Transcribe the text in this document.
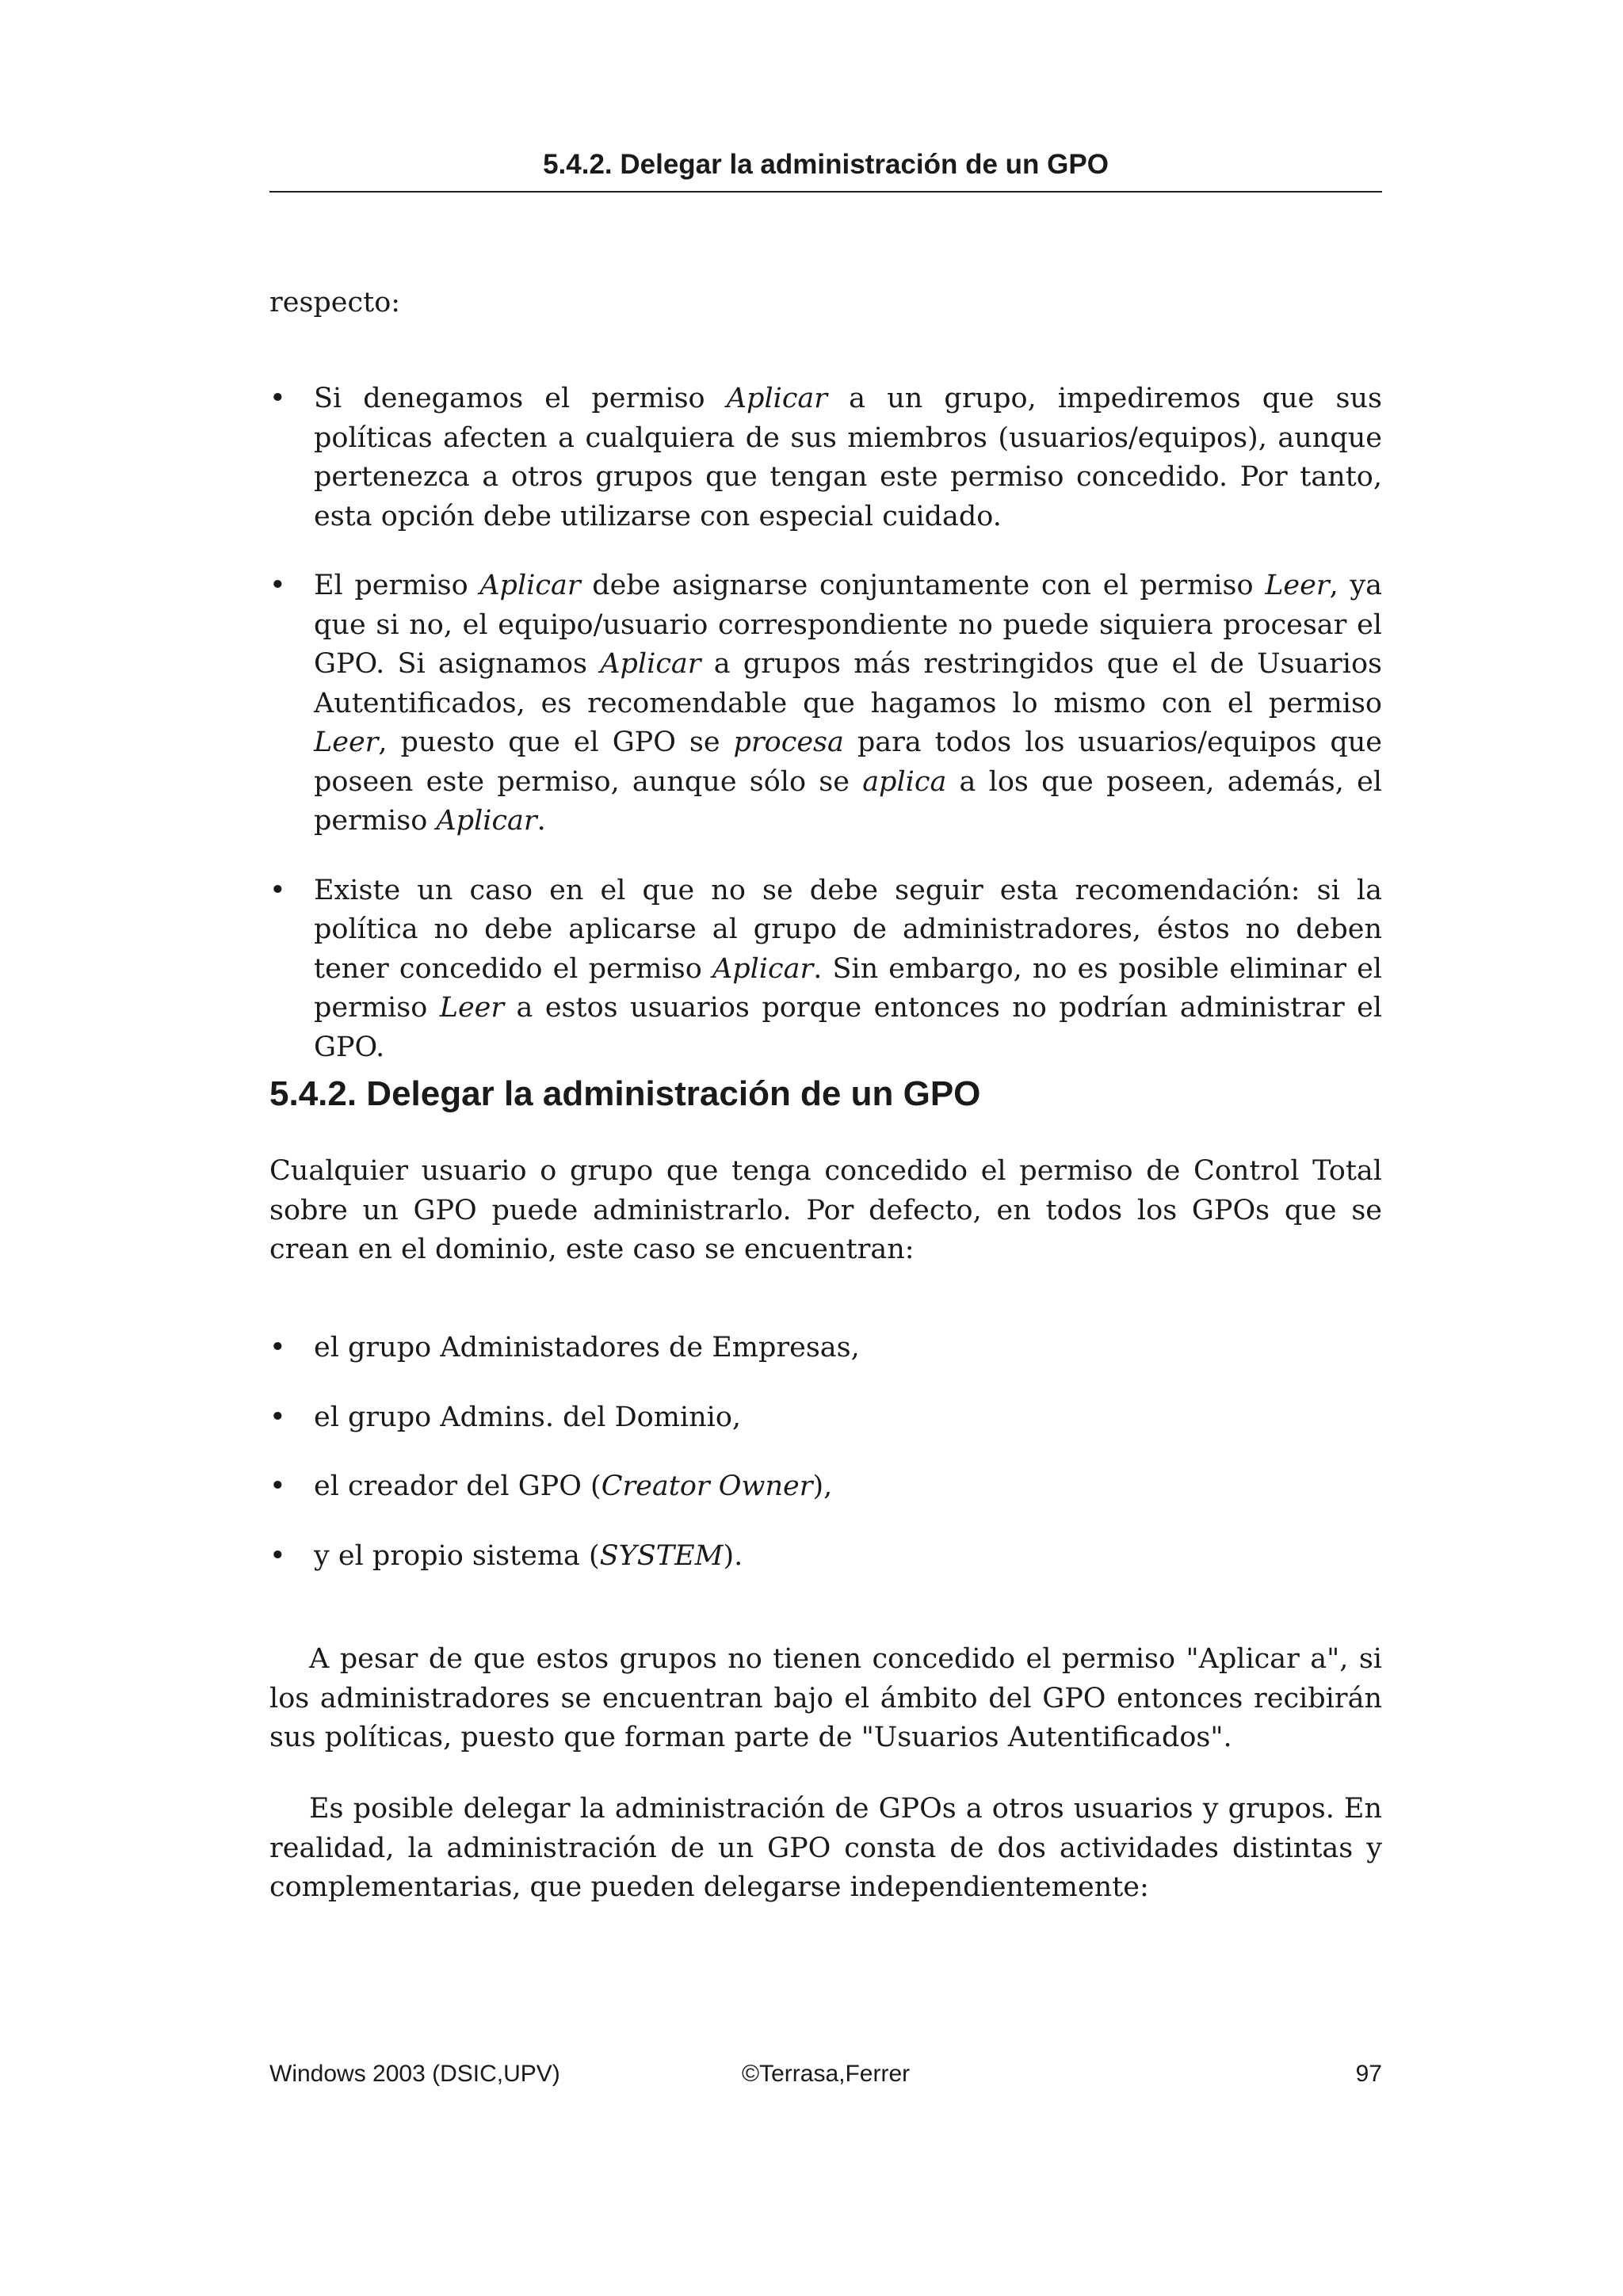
5.4.2. Delegar la administración de un GPO

respecto:

• Si denegamos el permiso Aplicar a un grupo, impediremos que sus políticas afecten a cualquiera de sus miembros (usuarios/equipos), aunque pertenezca a otros grupos que tengan este permiso concedido. Por tanto, esta opción debe utilizarse con especial cuidado.
• El permiso Aplicar debe asignarse conjuntamente con el permiso Leer, ya que si no, el equipo/usuario correspondiente no puede siquiera procesar el GPO. Si asignamos Aplicar a grupos más restringidos que el de Usuarios Autentificados, es recomendable que hagamos lo mismo con el permiso Leer, puesto que el GPO se procesa para todos los usuarios/equipos que poseen este permiso, aunque sólo se aplica a los que poseen, además, el permiso Aplicar.
• Existe un caso en el que no se debe seguir esta recomendación: si la política no debe aplicarse al grupo de administradores, éstos no deben tener concedido el permiso Aplicar. Sin embargo, no es posible eliminar el permiso Leer a estos usuarios porque entonces no podrían administrar el GPO.
5.4.2. Delegar la administración de un GPO

Cualquier usuario o grupo que tenga concedido el permiso de Control Total sobre un GPO puede administrarlo. Por defecto, en todos los GPOs que se crean en el dominio, este caso se encuentran:

• el grupo Administadores de Empresas,
• el grupo Admins. del Dominio,
• el creador del GPO (Creator Owner),
• y el propio sistema (SYSTEM).

A pesar de que estos grupos no tienen concedido el permiso "Aplicar a", si los administradores se encuentran bajo el ámbito del GPO entonces recibirán sus políticas, puesto que forman parte de "Usuarios Autentificados".

Es posible delegar la administración de GPOs a otros usuarios y grupos. En realidad, la administración de un GPO consta de dos actividades distintas y complementarias, que pueden delegarse independientemente:

Windows 2003 (DSIC,UPV)	©Terrasa,Ferrer	97
